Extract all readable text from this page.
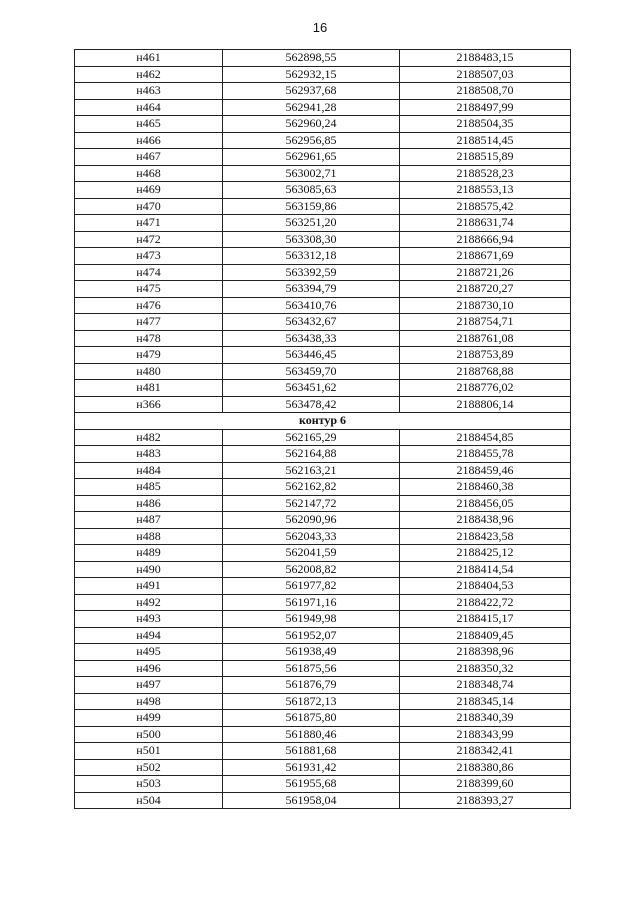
16
н461	562898,55	2188483,15
н462	562932,15	2188507,03
н463	562937,68	2188508,70
н464	562941,28	2188497,99
н465	562960,24	2188504,35
н466	562956,85	2188514,45
н467	562961,65	2188515,89
н468	563002,71	2188528,23
н469	563085,63	2188553,13
н470	563159,86	2188575,42
н471	563251,20	2188631,74
н472	563308,30	2188666,94
н473	563312,18	2188671,69
н474	563392,59	2188721,26
н475	563394,79	2188720,27
н476	563410,76	2188730,10
н477	563432,67	2188754,71
н478	563438,33	2188761,08
н479	563446,45	2188753,89
н480	563459,70	2188768,88
н481	563451,62	2188776,02
н366	563478,42	2188806,14
контур 6		
н482	562165,29	2188454,85
н483	562164,88	2188455,78
н484	562163,21	2188459,46
н485	562162,82	2188460,38
н486	562147,72	2188456,05
н487	562090,96	2188438,96
н488	562043,33	2188423,58
н489	562041,59	2188425,12
н490	562008,82	2188414,54
н491	561977,82	2188404,53
н492	561971,16	2188422,72
н493	561949,98	2188415,17
н494	561952,07	2188409,45
н495	561938,49	2188398,96
н496	561875,56	2188350,32
н497	561876,79	2188348,74
н498	561872,13	2188345,14
н499	561875,80	2188340,39
н500	561880,46	2188343,99
н501	561881,68	2188342,41
н502	561931,42	2188380,86
н503	561955,68	2188399,60
н504	561958,04	2188393,27
